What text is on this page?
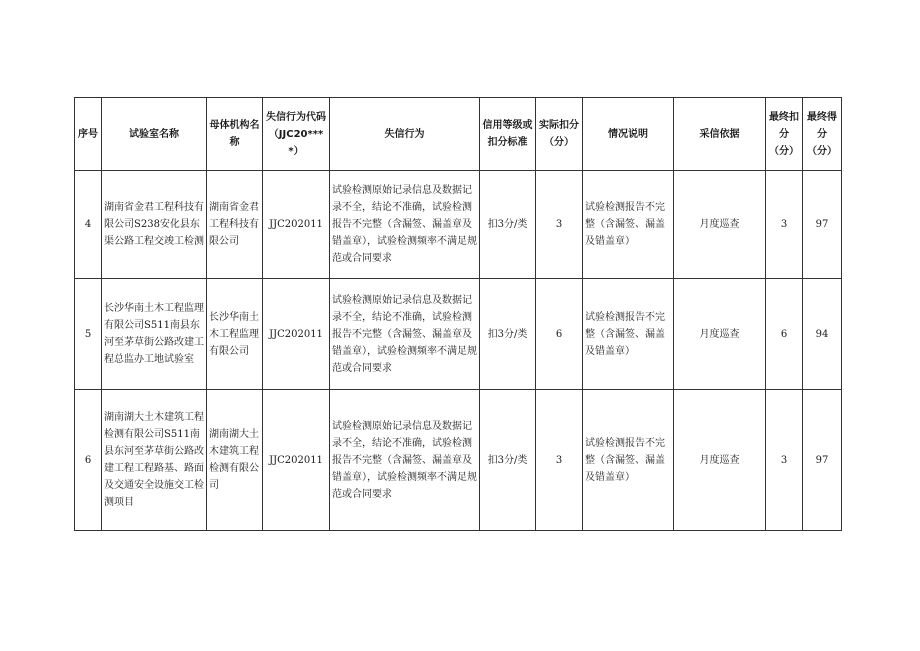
序号	试验室名称	母体机构名称	失信行为代码（JJC20****）	失信行为	信用等级或扣分标准	实际扣分（分）	情况说明	采信依据	最终扣分（分）	最终得分（分）
4	湖南省金君工程科技有限公司S238安化县东渠公路工程交竣工检测	湖南省金君工程科技有限公司	JJC202011	试验检测原始记录信息及数据记录不全，结论不准确，试验检测报告不完整（含漏签、漏盖章及错盖章），试验检测频率不满足规范或合同要求	扣3分/类	3	试验检测报告不完整（含漏签、漏盖及错盖章）	月度巡查	3	97
5	长沙华南土木工程监理有限公司S511南县东河至茅草街公路改建工程总监办工地试验室	长沙华南土木工程监理有限公司	JJC202011	试验检测原始记录信息及数据记录不全，结论不准确，试验检测报告不完整（含漏签、漏盖章及错盖章），试验检测频率不满足规范或合同要求	扣3分/类	6	试验检测报告不完整（含漏签、漏盖及错盖章）	月度巡查	6	94
6	湖南湖大土木建筑工程检测有限公司S511南县东河至茅草街公路改建工程工程路基、路面及交通安全设施交工检测项目	湖南湖大土木建筑工程检测有限公司	JJC202011	试验检测原始记录信息及数据记录不全，结论不准确，试验检测报告不完整（含漏签、漏盖章及错盖章），试验检测频率不满足规范或合同要求	扣3分/类	3	试验检测报告不完整（含漏签、漏盖及错盖章）	月度巡查	3	97
